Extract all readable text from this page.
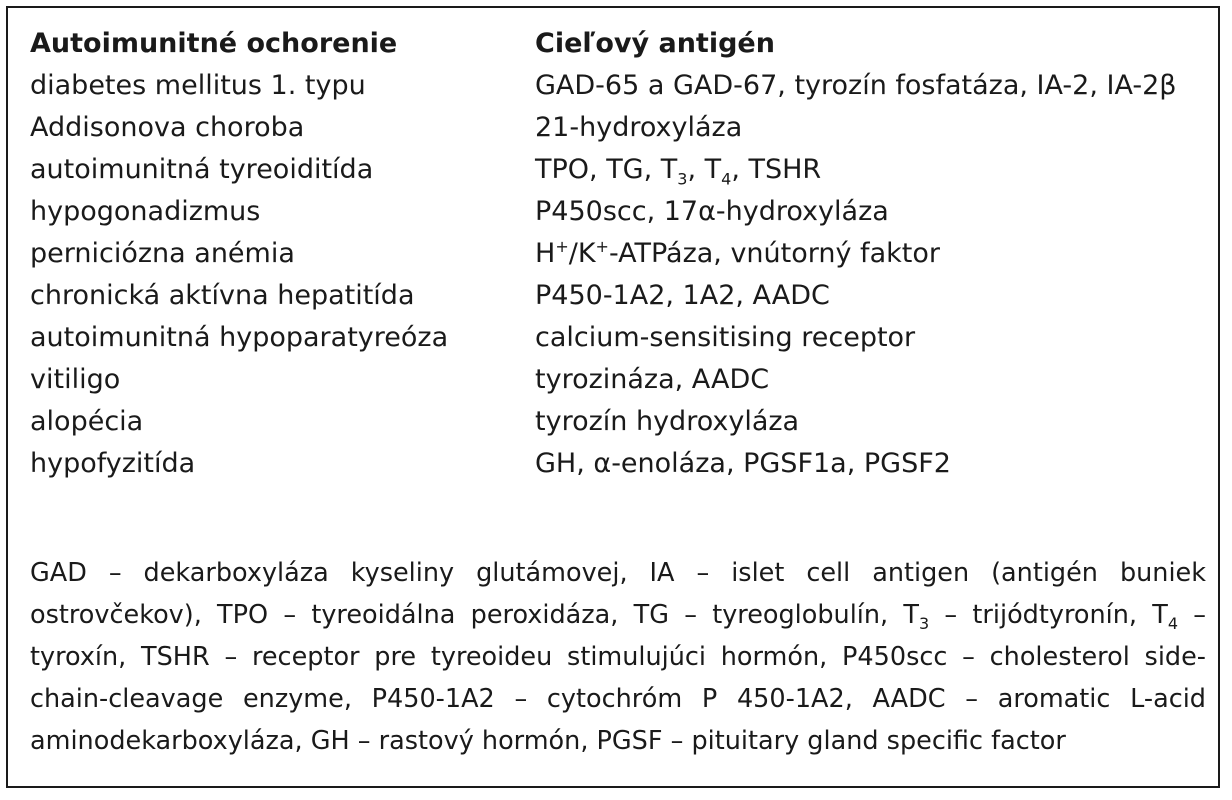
Autoimunitné ochorenie	Cieľový antigén
diabetes mellitus 1. typu	GAD-65 a GAD-67, tyrozín fosfatáza, IA-2, IA-2β
Addisonova choroba	21-hydroxyláza
autoimunitná tyreoiditída	TPO, TG, $T_3$, $T_4$, TSHR
hypogonadizmus	P450scc, 17α-hydroxyláza
perniciózna anémia	H+/K+-ATPáza, vnútorný faktor
chronická aktívna hepatitída	P450-1A2, 1A2, AADC
autoimunitná hypoparatyreóza	calcium-sensitising receptor
vitiligo	tyrozináza, AADC
alopécia	tyrozín hydroxyláza
hypofyzitída	GH, α-enoláza, PGSF1a, PGSF2
GAD – dekarboxyláza kyseliny glutámovej, IA – islet cell antigen (antigén buniek ostrovčekov), TPO – tyreoidálna peroxidáza, TG – tyreoglobulín, $T_3$ – trijódtyronín, $T_4$ – tyroxín, TSHR – receptor pre tyreoideu stimulujúci hormón, P450scc – cholesterol side-chain-cleavage enzyme, P450-1A2 – cytochróm P 450-1A2, AADC – aromatic L-acid aminodekarboxyláza, GH – rastový hormón, PGSF – pituitary gland specific factor
